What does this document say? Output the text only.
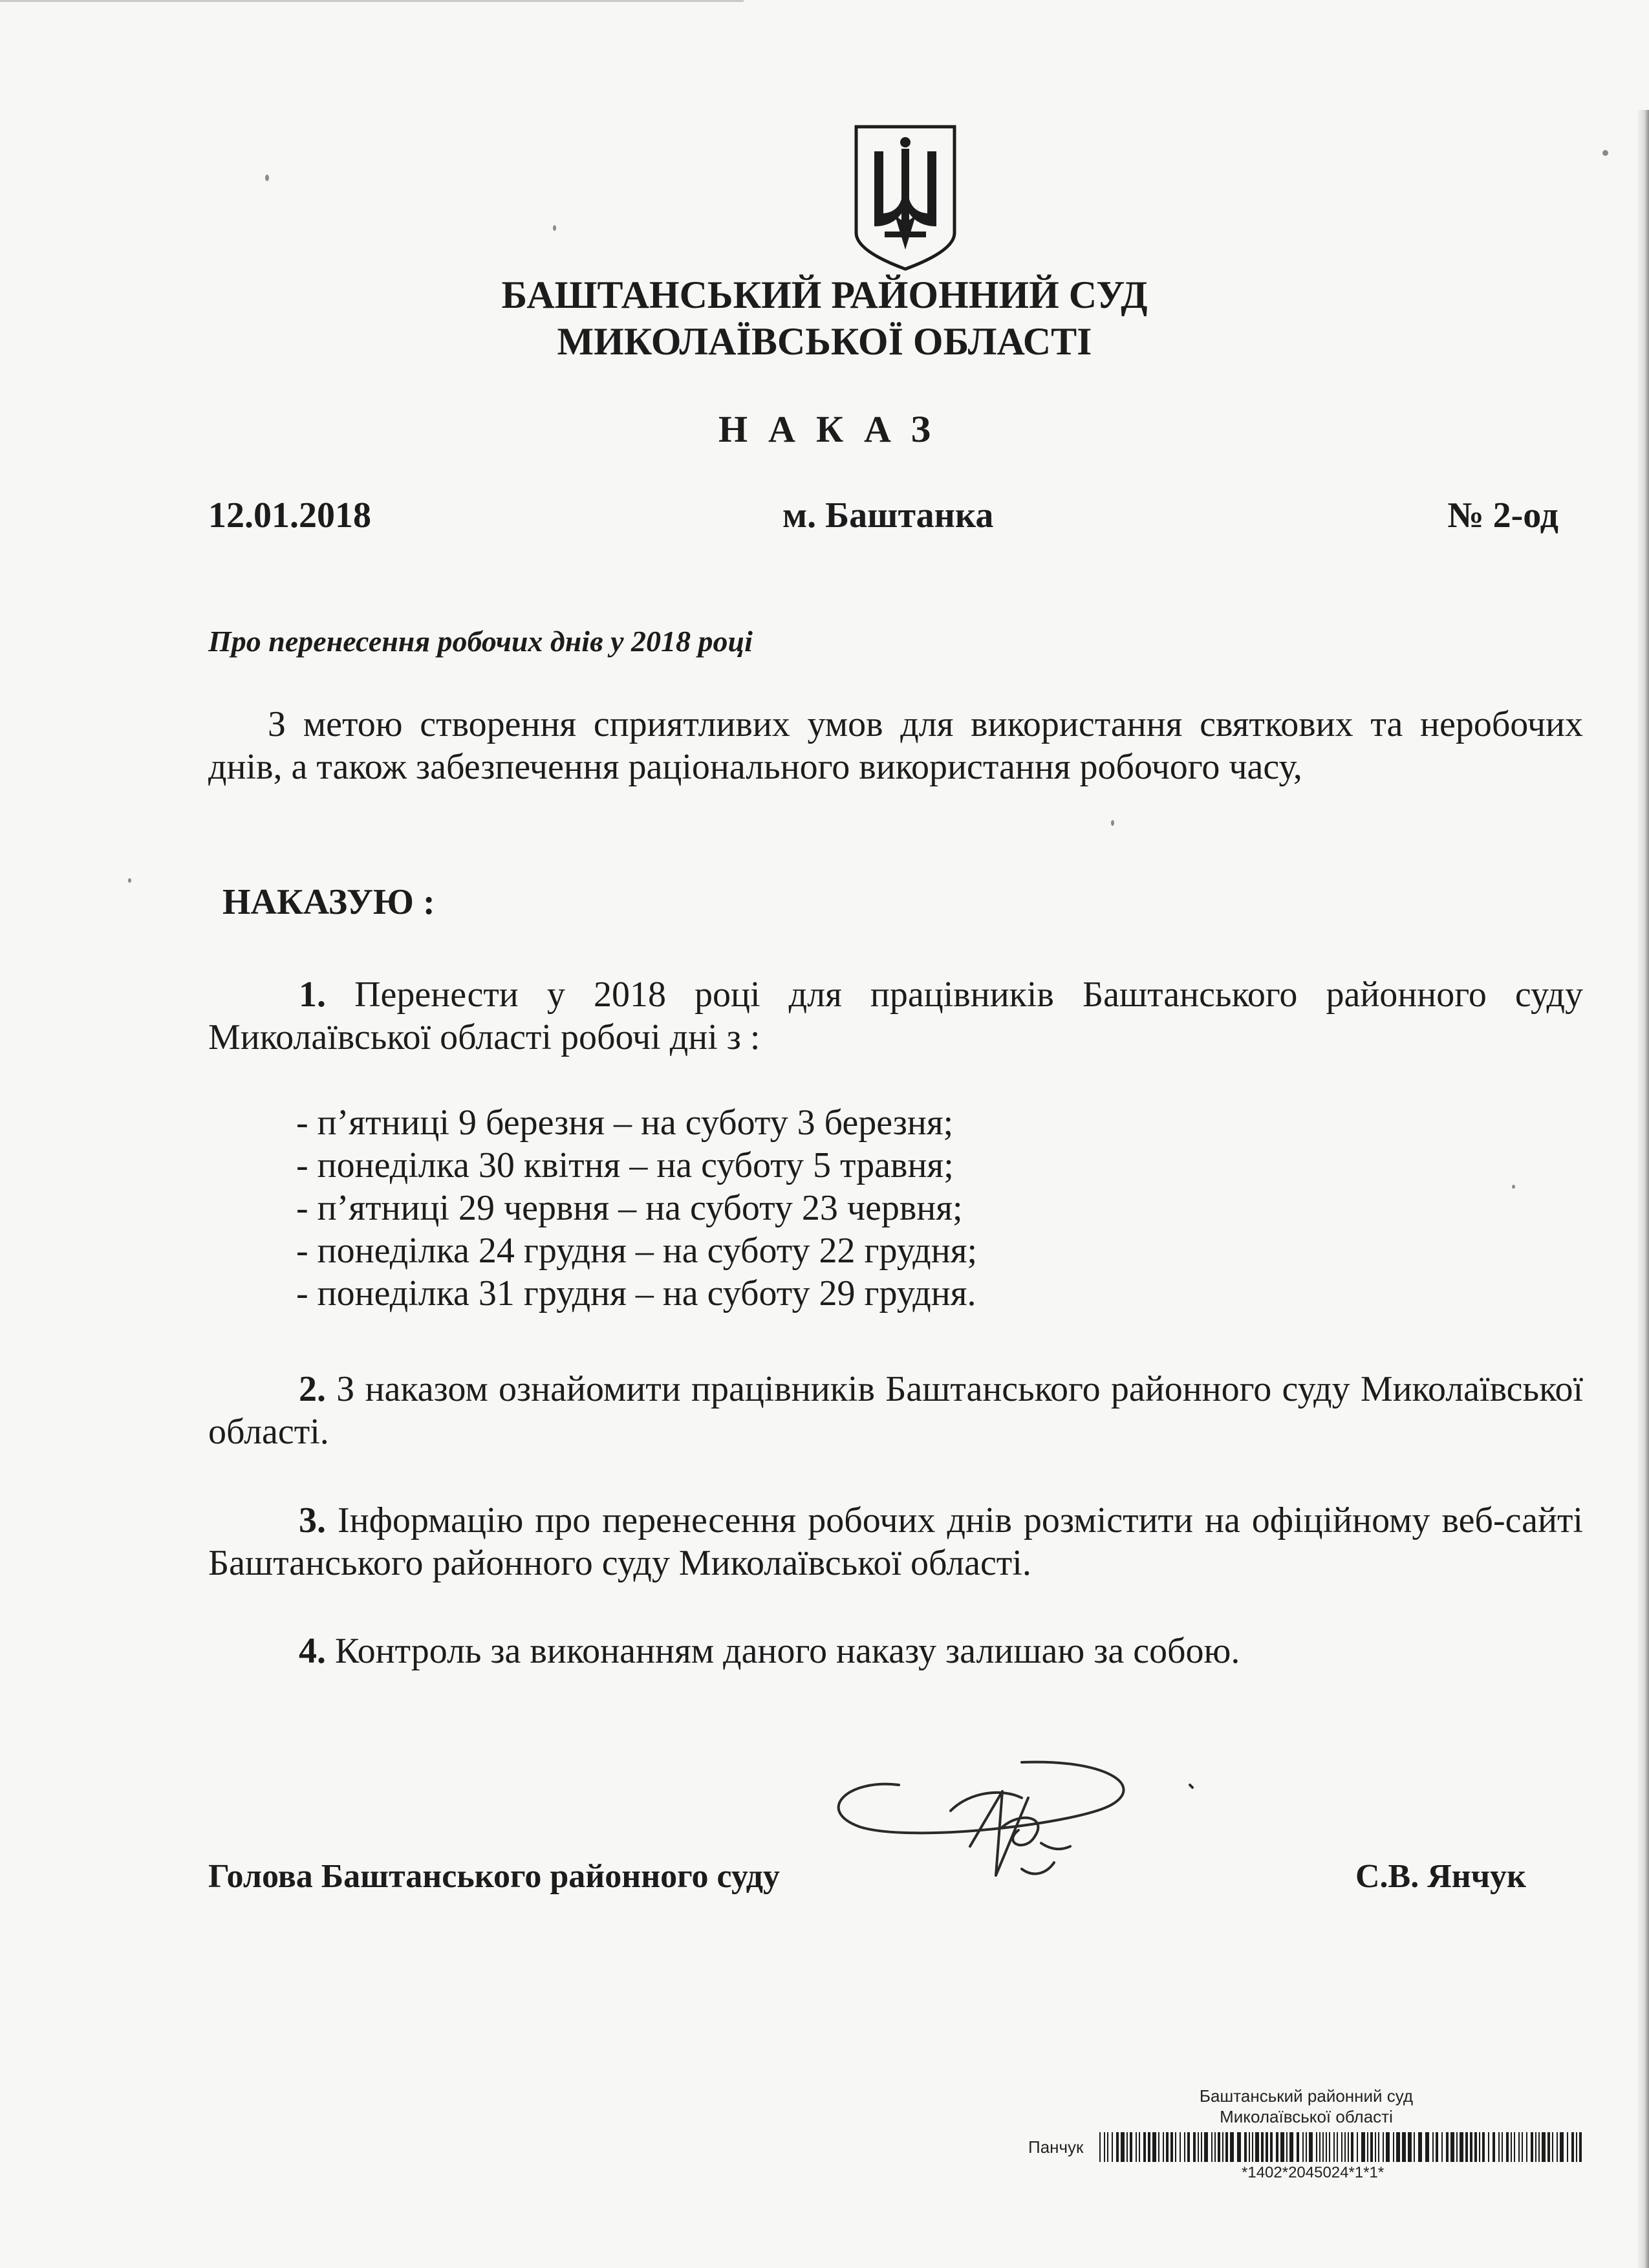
БАШТАНСЬКИЙ РАЙОННИЙ СУД
МИКОЛАЇВСЬКОЇ ОБЛАСТІ
НАКАЗ
12.01.2018	м. Баштанка	№ 2-од
Про перенесення робочих днів у 2018 році
З метою створення сприятливих умов для використання святкових та неробочих днів, а також забезпечення раціонального використання робочого часу,
НАКАЗУЮ :
1. Перенести у 2018 році для працівників Баштанського районного суду Миколаївської області робочі дні з :
- п’ятниці 9 березня – на суботу 3 березня;
- понеділка 30 квітня – на суботу 5 травня;
- п’ятниці 29 червня – на суботу 23 червня;
- понеділка 24 грудня – на суботу 22 грудня;
- понеділка 31 грудня – на суботу 29 грудня.
2. З наказом ознайомити працівників Баштанського районного суду Миколаївської області.
3. Інформацію про перенесення робочих днів розмістити на офіційному веб-сайті Баштанського районного суду Миколаївської області.
4. Контроль за виконанням даного наказу залишаю за собою.
Голова Баштанського районного суду	С.В. Янчук
Баштанський районний суд
Миколаївської області
Панчук
*1402*2045024*1*1*
